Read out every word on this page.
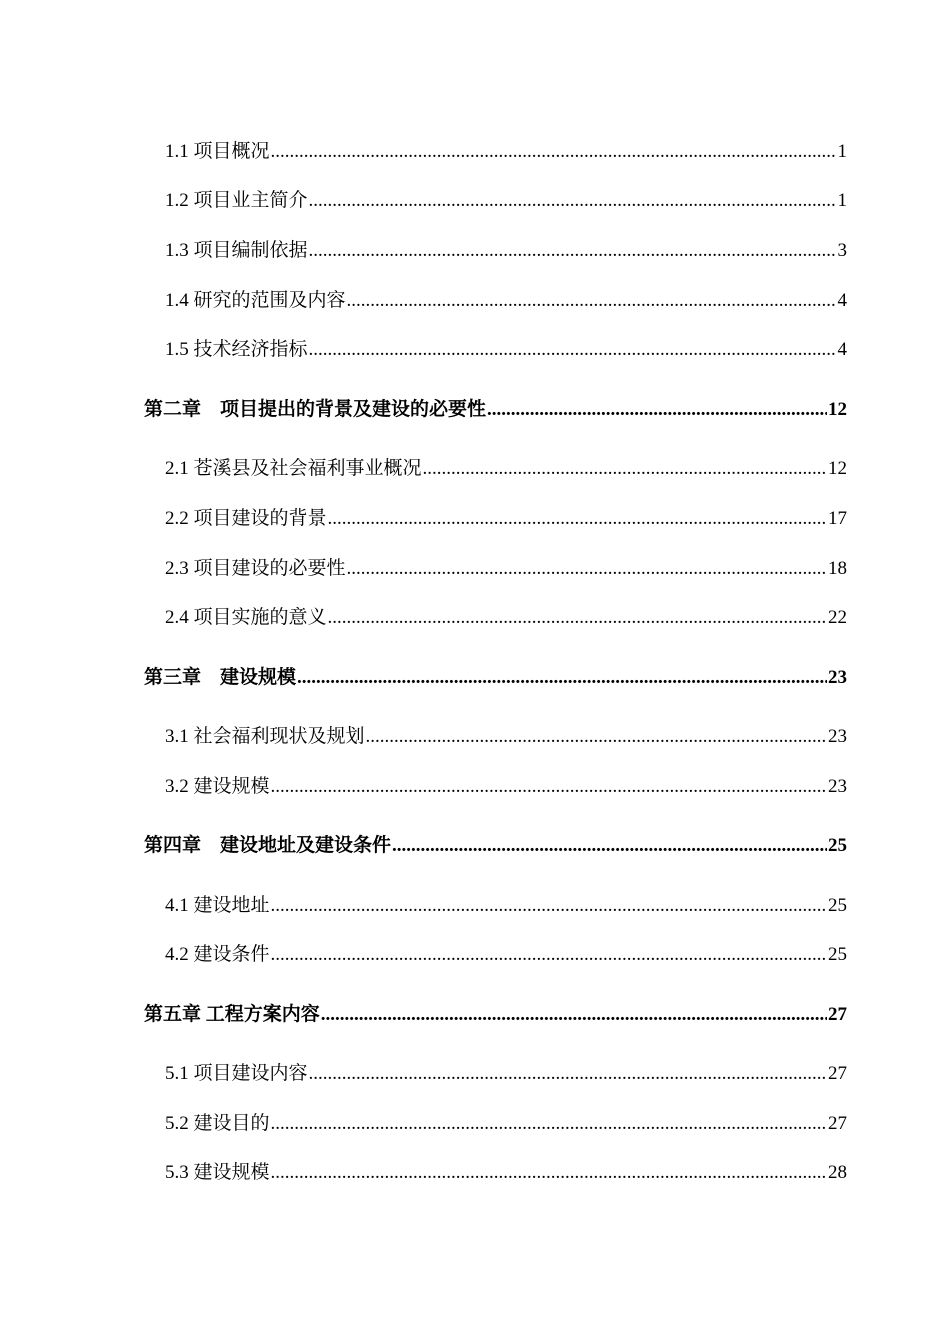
1.1 项目概况 .....	1
1.2 项目业主简介 .....	1
1.3 项目编制依据 .....	3
1.4 研究的范围及内容 .....	4
1.5 技术经济指标 .....	4
第二章　项目提出的背景及建设的必要性 .....	12
2.1 苍溪县及社会福利事业概况 .....	12
2.2 项目建设的背景 .....	17
2.3 项目建设的必要性 .....	18
2.4 项目实施的意义 .....	22
第三章　建设规模 .....	23
3.1 社会福利现状及规划 .....	23
3.2 建设规模 .....	23
第四章　建设地址及建设条件 .....	25
4.1 建设地址 .....	25
4.2 建设条件 .....	25
第五章 工程方案内容 .....	27
5.1 项目建设内容 .....	27
5.2 建设目的 .....	27
5.3 建设规模 .....	28
